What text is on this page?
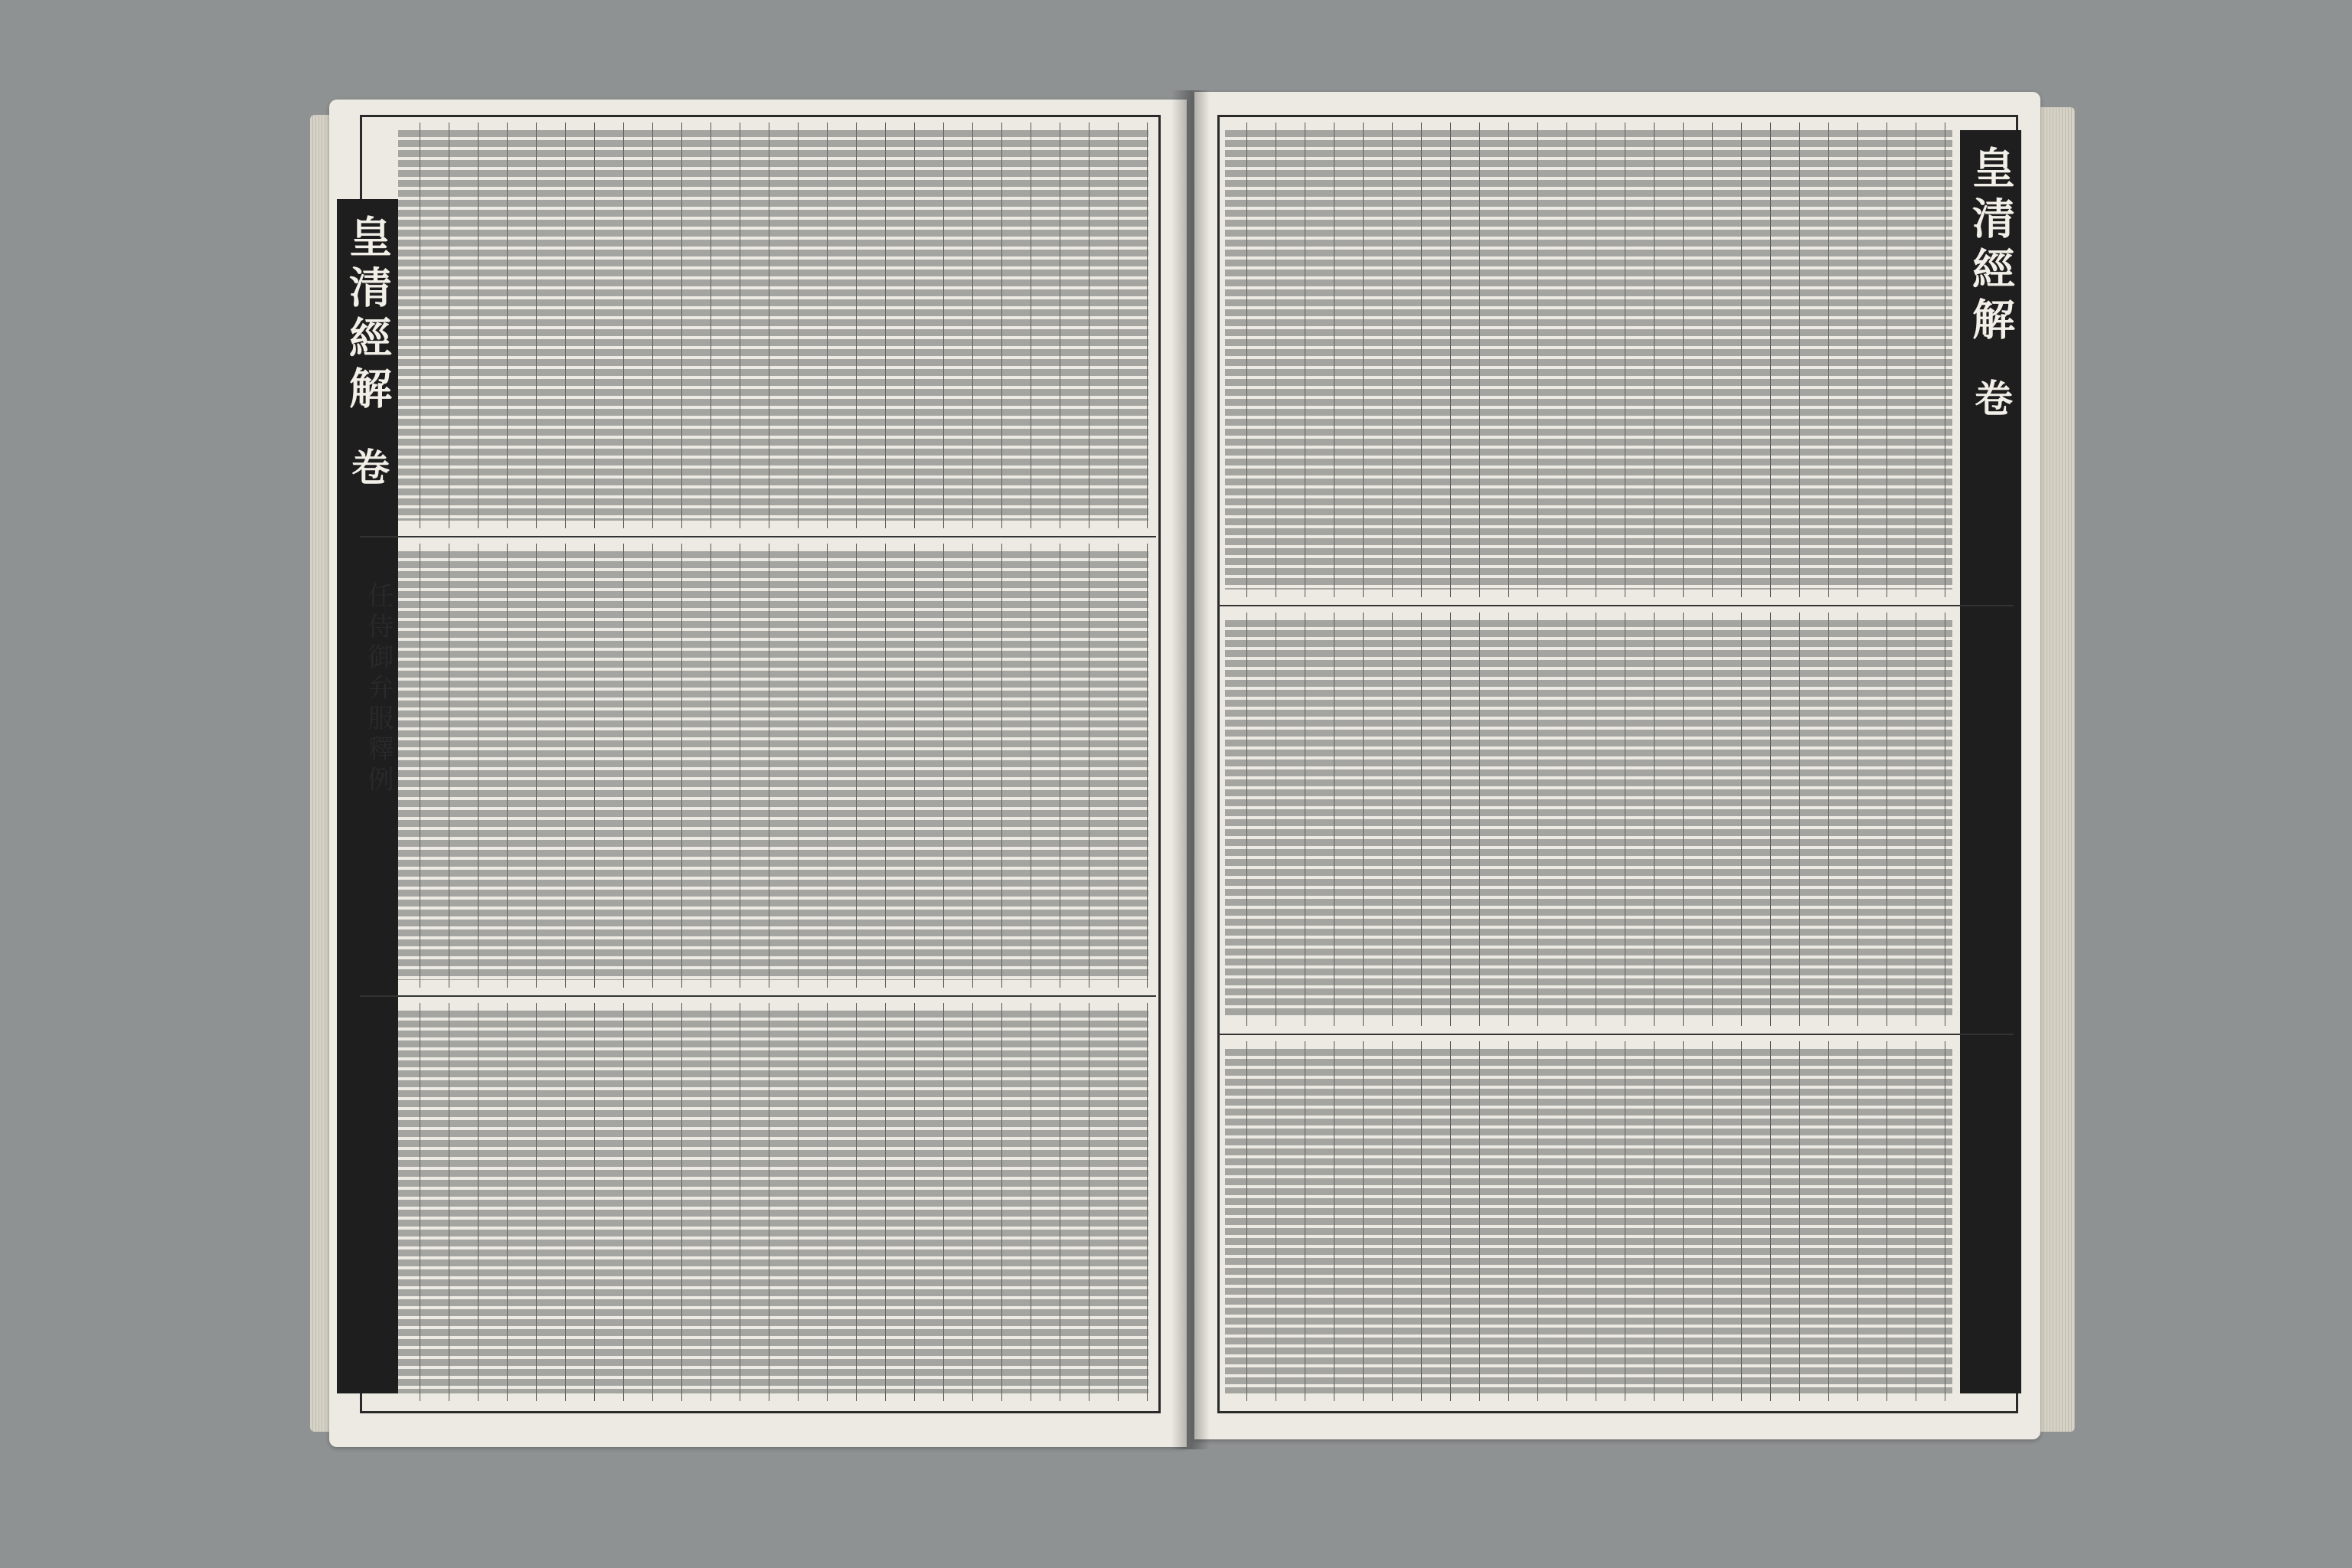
皇清經解
卷
任侍御弁服釋例
皇清經解
卷
